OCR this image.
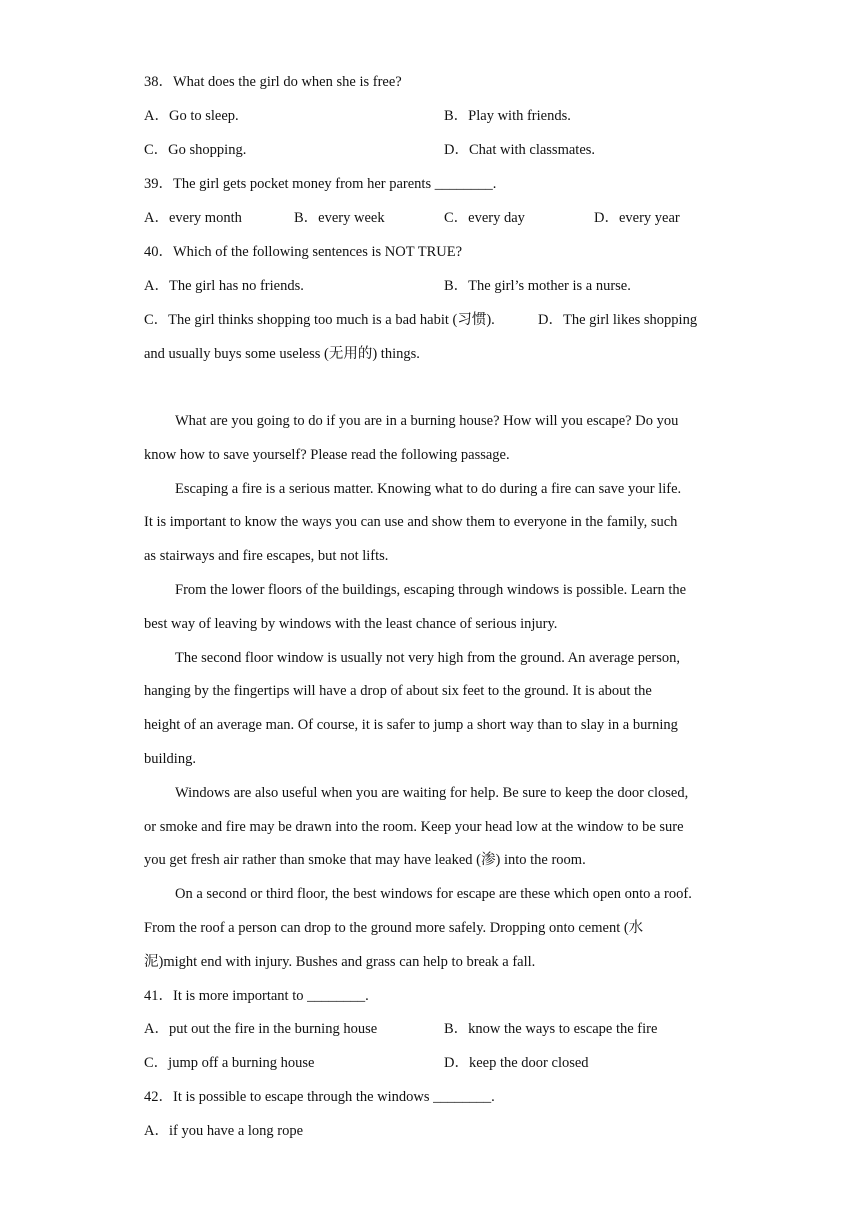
38．What does the girl do when she is free?
A．Go to sleep.	B．Play with friends.
C．Go shopping.	D．Chat with classmates.
39．The girl gets pocket money from her parents ________.
A．every month	B．every week	C．every day	D．every year
40．Which of the following sentences is NOT TRUE?
A．The girl has no friends.	B．The girl’s mother is a nurse.
C．The girl thinks shopping too much is a bad habit (习惯).	D．The girl likes shopping
and usually buys some useless (无用的) things.
What are you going to do if you are in a burning house? How will you escape? Do you
know how to save yourself? Please read the following passage.
Escaping a fire is a serious matter. Knowing what to do during a fire can save your life.
It is important to know the ways you can use and show them to everyone in the family, such
as stairways and fire escapes, but not lifts.
From the lower floors of the buildings, escaping through windows is possible. Learn the
best way of leaving by windows with the least chance of serious injury.
The second floor window is usually not very high from the ground. An average person,
hanging by the fingertips will have a drop of about six feet to the ground. It is about the
height of an average man. Of course, it is safer to jump a short way than to slay in a burning
building.
Windows are also useful when you are waiting for help. Be sure to keep the door closed,
or smoke and fire may be drawn into the room. Keep your head low at the window to be sure
you get fresh air rather than smoke that may have leaked (渗) into the room.
On a second or third floor, the best windows for escape are these which open onto a roof.
From the roof a person can drop to the ground more safely. Dropping onto cement (水
泥)might end with injury. Bushes and grass can help to break a fall.
41．It is more important to ________.
A．put out the fire in the burning house	B．know the ways to escape the fire
C．jump off a burning house	D．keep the door closed
42．It is possible to escape through the windows ________.
A．if you have a long rope
